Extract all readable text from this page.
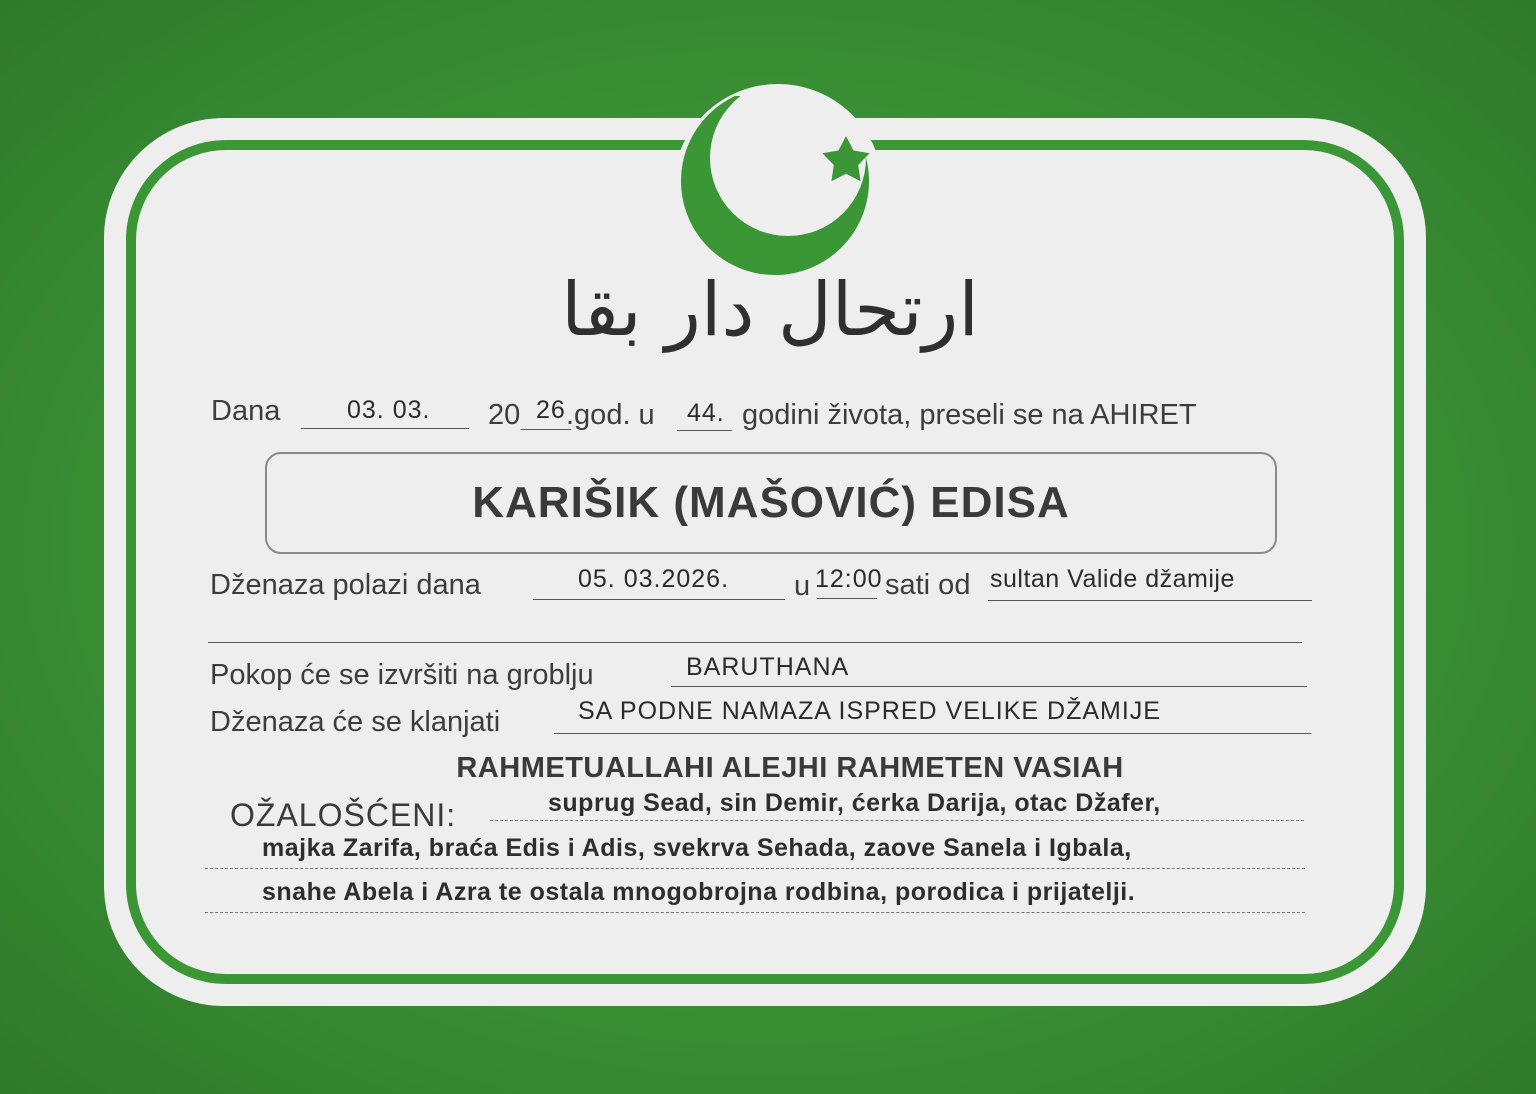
ارتحال دار بقا
Dana	03. 03. 20 26 .god. u 44. godini života, preseli se na AHIRET
KARIŠIK (MAŠOVIĆ) EDISA
Dženaza polazi dana	05. 03.2026. u 12:00 sati od sultan Valide džamije
Pokop će se izvršiti na groblju	BARUTHANA
Dženaza će se klanjati	SA PODNE NAMAZA ISPRED VELIKE DŽAMIJE
RAHMETUALLAHI ALEJHI RAHMETEN VASIAH
OŽALOŠĆENI:	suprug Sead, sin Demir, ćerka Darija, otac Džafer,
majka Zarifa, braća Edis i Adis, svekrva Sehada, zaove Sanela i Igbala,
snahe Abela i Azra te ostala mnogobrojna rodbina, porodica i prijatelji.
